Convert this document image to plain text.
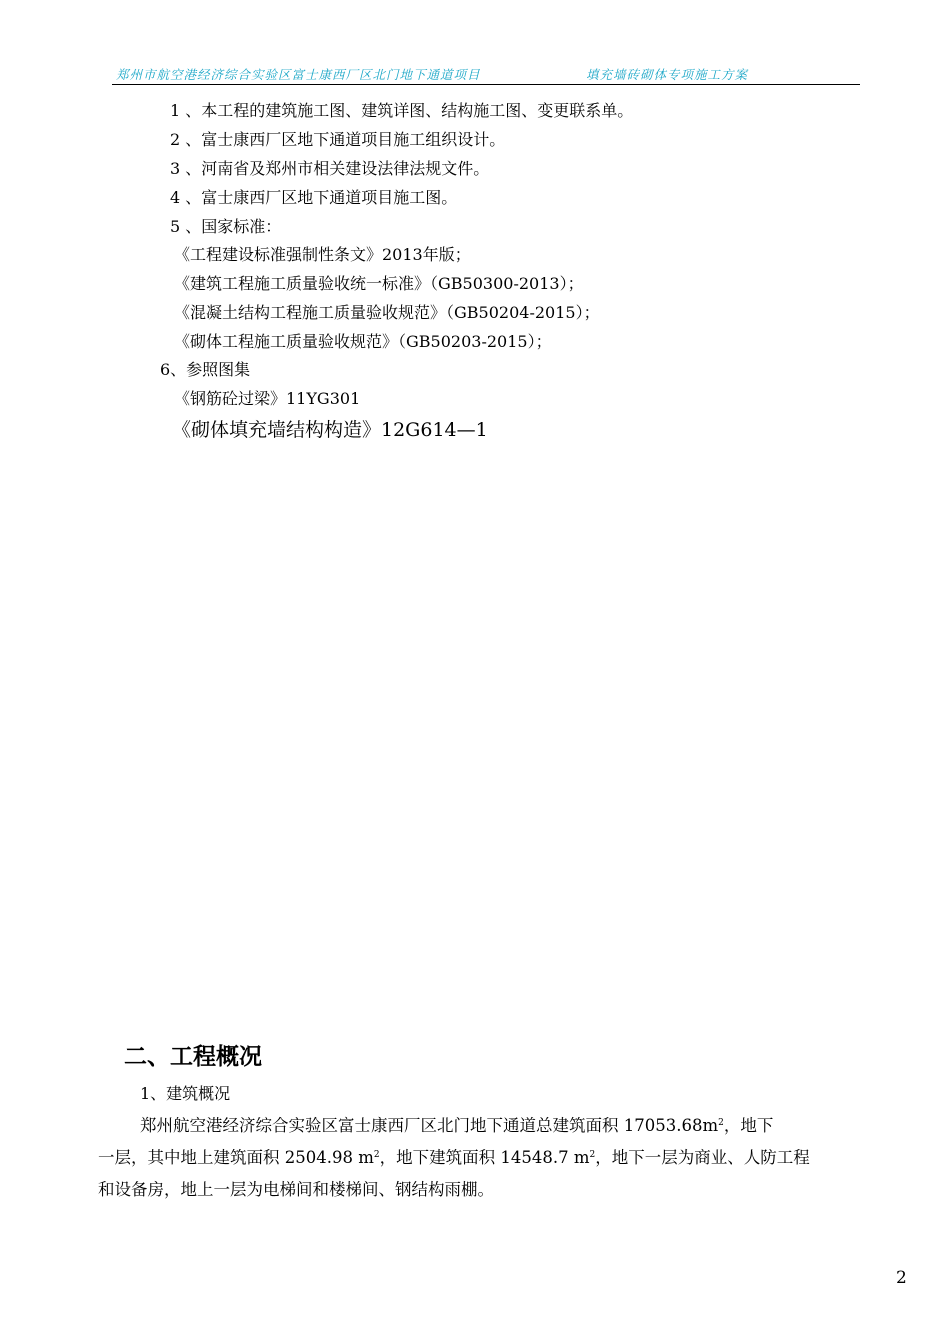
郑州市航空港经济综合实验区富士康西厂区北门地下通道项目	填充墙砖砌体专项施工方案
1 、本工程的建筑施工图、建筑详图、结构施工图、变更联系单。
2 、富士康西厂区地下通道项目施工组织设计。
3 、河南省及郑州市相关建设法律法规文件。
4 、富士康西厂区地下通道项目施工图。
5 、国家标准：
《工程建设标准强制性条文》2013年版；
《建筑工程施工质量验收统一标准》（GB50300-2013）；
《混凝土结构工程施工质量验收规范》（GB50204-2015）；
《砌体工程施工质量验收规范》（GB50203-2015）；
6、参照图集
《钢筋砼过梁》11YG301
《砌体填充墙结构构造》12G614—1
二、工程概况
1、建筑概况
郑州航空港经济综合实验区富士康西厂区北门地下通道总建筑面积 $17053.68m^2$，地下
一层，其中地上建筑面积 2504.98 $m^2$，地下建筑面积 14548.7 $m^2$，地下一层为商业、人防工程
和设备房，地上一层为电梯间和楼梯间、钢结构雨棚。
2
